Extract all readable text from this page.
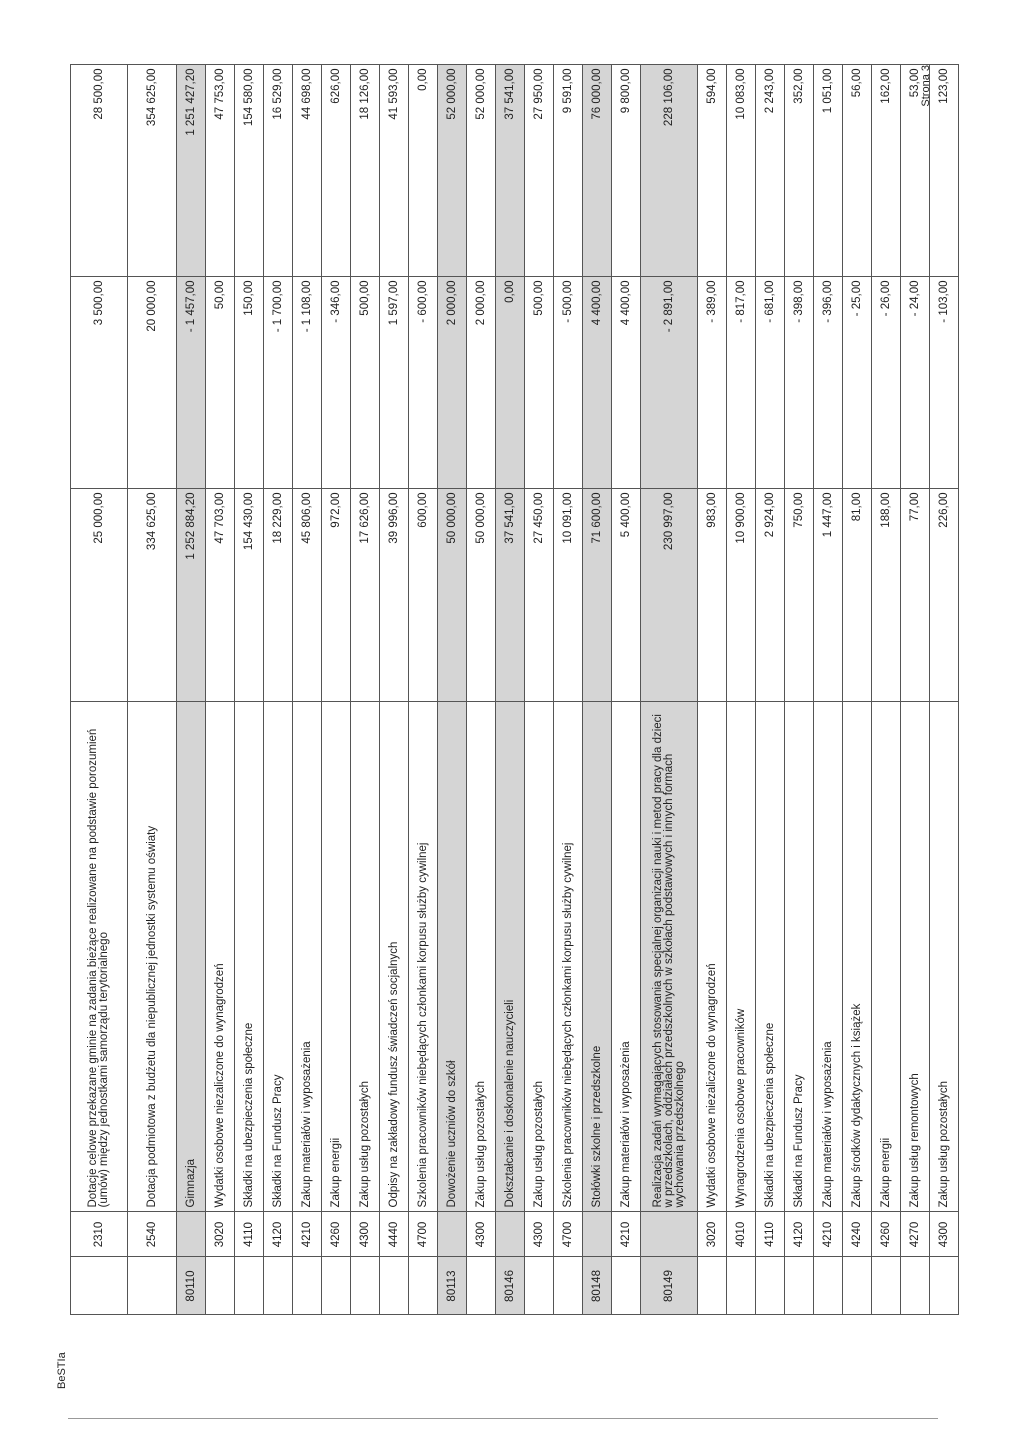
BeSTIa
		2310	Dotacje celowe przekazane gminie na zadania bieżące realizowane na podstawie porozumień (umów) między jednostkami samorządu terytorialnego	25 000,00	3 500,00	28 500,00
		2540	Dotacja podmiotowa z budżetu dla niepublicznej jednostki systemu oświaty	334 625,00	20 000,00	354 625,00
	80110		Gimnazja	1 252 884,20	- 1 457,00	1 251 427,20
		3020	Wydatki osobowe niezaliczone do wynagrodzeń	47 703,00	50,00	47 753,00
		4110	Składki na ubezpieczenia społeczne	154 430,00	150,00	154 580,00
		4120	Składki na Fundusz Pracy	18 229,00	- 1 700,00	16 529,00
		4210	Zakup materiałów i wyposażenia	45 806,00	- 1 108,00	44 698,00
		4260	Zakup energii	972,00	- 346,00	626,00
		4300	Zakup usług pozostałych	17 626,00	500,00	18 126,00
		4440	Odpisy na zakładowy fundusz świadczeń socjalnych	39 996,00	1 597,00	41 593,00
		4700	Szkolenia pracowników niebędących członkami korpusu służby cywilnej	600,00	- 600,00	0,00
	80113		Dowożenie uczniów do szkół	50 000,00	2 000,00	52 000,00
		4300	Zakup usług pozostałych	50 000,00	2 000,00	52 000,00
	80146		Dokształcanie i doskonalenie nauczycieli	37 541,00	0,00	37 541,00
		4300	Zakup usług pozostałych	27 450,00	500,00	27 950,00
		4700	Szkolenia pracowników niebędących członkami korpusu służby cywilnej	10 091,00	- 500,00	9 591,00
	80148		Stołówki szkolne i przedszkolne	71 600,00	4 400,00	76 000,00
		4210	Zakup materiałów i wyposażenia	5 400,00	4 400,00	9 800,00
	80149		Realizacja zadań wymagających stosowania specjalnej organizacji nauki i metod pracy dla dzieci w przedszkolach, oddziałach przedszkolnych w szkołach podstawowych i innych formach wychowania przedszkolnego	230 997,00	- 2 891,00	228 106,00
		3020	Wydatki osobowe niezaliczone do wynagrodzeń	983,00	- 389,00	594,00
		4010	Wynagrodzenia osobowe pracowników	10 900,00	- 817,00	10 083,00
		4110	Składki na ubezpieczenia społeczne	2 924,00	- 681,00	2 243,00
		4120	Składki na Fundusz Pracy	750,00	- 398,00	352,00
		4210	Zakup materiałów i wyposażenia	1 447,00	- 396,00	1 051,00
		4240	Zakup środków dydaktycznych i książek	81,00	- 25,00	56,00
		4260	Zakup energii	188,00	- 26,00	162,00
		4270	Zakup usług remontowych	77,00	- 24,00	53,00
		4300	Zakup usług pozostałych	226,00	- 103,00	123,00
Strona 3
